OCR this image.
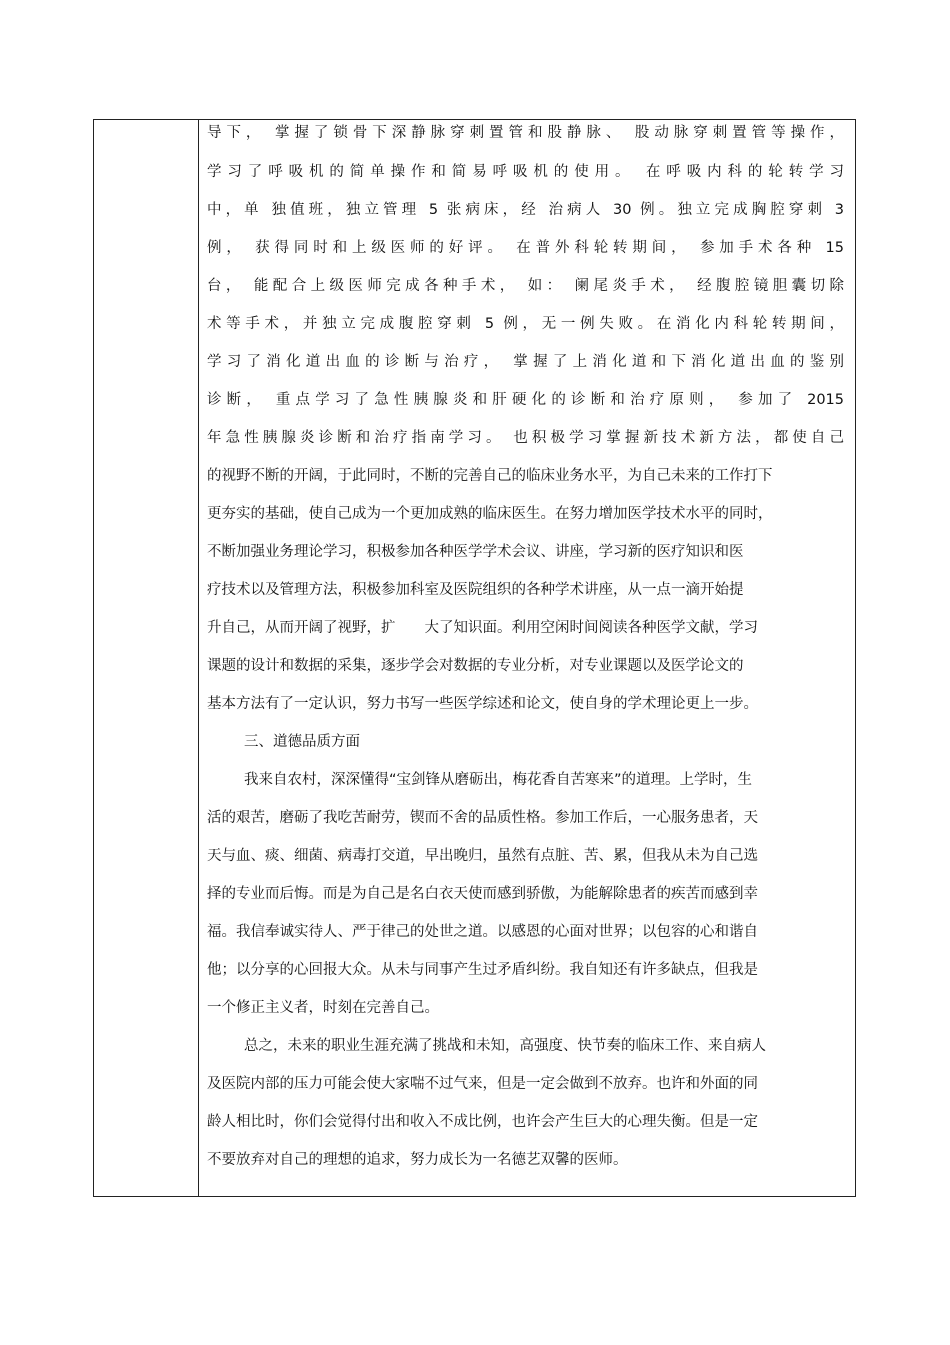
导下， 掌握了锁骨下深静脉穿刺置管和股静脉、 股动脉穿刺置管等操作，
学习了呼吸机的简单操作和简易呼吸机的使用。 在呼吸内科的轮转学习
中，单 独值班，独立管理 5 张病床，经 治病人 30 例。独立完成胸腔穿刺 3
例， 获得同时和上级医师的好评。 在普外科轮转期间， 参加手术各种 15
台， 能配合上级医师完成各种手术， 如： 阑尾炎手术， 经腹腔镜胆囊切除
术等手术，并独立完成腹腔穿刺 5 例，无一例失败。在消化内科轮转期间，
学习了消化道出血的诊断与治疗， 掌握了上消化道和下消化道出血的鉴别
诊断， 重点学习了急性胰腺炎和肝硬化的诊断和治疗原则， 参加了 2015
年急性胰腺炎诊断和治疗指南学习。 也积极学习掌握新技术新方法，都使自己
的视野不断的开阔，于此同时，不断的完善自己的临床业务水平，为自己未来的工作打下
更夯实的基础，使自己成为一个更加成熟的临床医生。在努力增加医学技术水平的同时，
不断加强业务理论学习，积极参加各种医学学术会议、讲座，学习新的医疗知识和医
疗技术以及管理方法，积极参加科室及医院组织的各种学术讲座，从一点一滴开始提
升自己，从而开阔了视野，扩　　大了知识面。利用空闲时间阅读各种医学文献，学习
课题的设计和数据的采集，逐步学会对数据的专业分析，对专业课题以及医学论文的
基本方法有了一定认识，努力书写一些医学综述和论文，使自身的学术理论更上一步。
三、道德品质方面
我来自农村，深深懂得“宝剑锋从磨砺出，梅花香自苦寒来”的道理。上学时，生
活的艰苦，磨砺了我吃苦耐劳，锲而不舍的品质性格。参加工作后，一心服务患者，天
天与血、痰、细菌、病毒打交道，早出晚归，虽然有点脏、苦、累，但我从未为自己选
择的专业而后悔。而是为自己是名白衣天使而感到骄傲，为能解除患者的疾苦而感到幸
福。我信奉诚实待人、严于律己的处世之道。以感恩的心面对世界；以包容的心和谐自
他；以分享的心回报大众。从未与同事产生过矛盾纠纷。我自知还有许多缺点，但我是
一个修正主义者，时刻在完善自己。
总之，未来的职业生涯充满了挑战和未知，高强度、快节奏的临床工作、来自病人
及医院内部的压力可能会使大家喘不过气来，但是一定会做到不放弃。也许和外面的同
龄人相比时，你们会觉得付出和收入不成比例，也许会产生巨大的心理失衡。但是一定
不要放弃对自己的理想的追求，努力成长为一名德艺双馨的医师。
